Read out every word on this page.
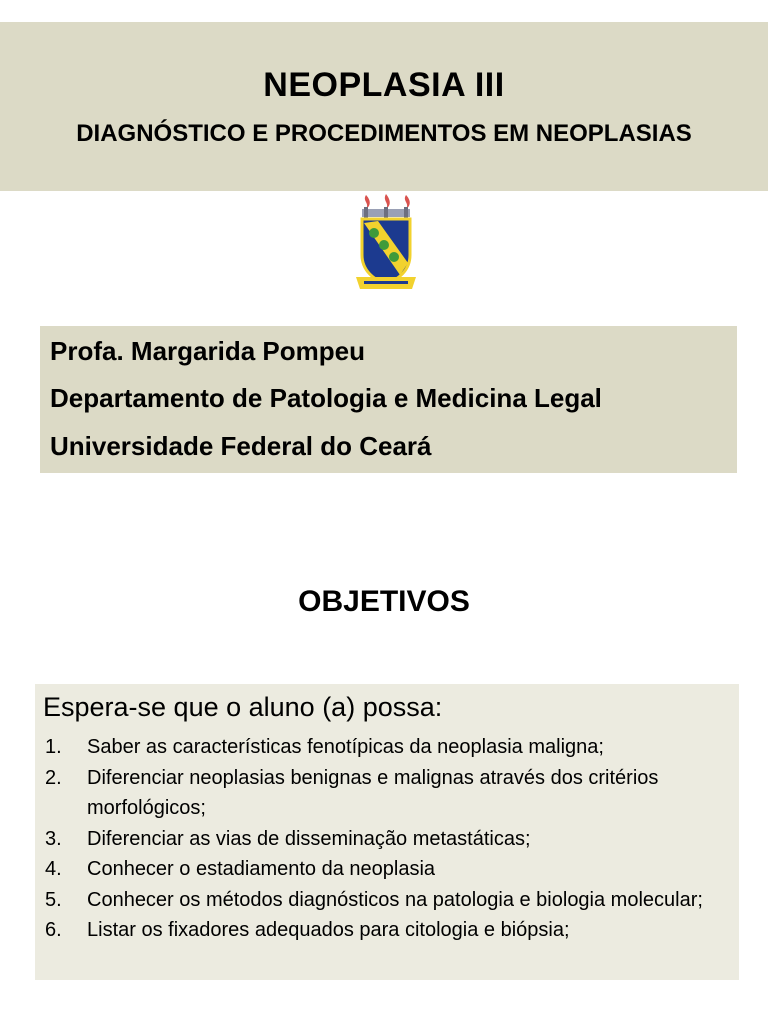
NEOPLASIA III
DIAGNÓSTICO E PROCEDIMENTOS EM NEOPLASIAS
Profa. Margarida Pompeu
Departamento de Patologia e Medicina Legal
Universidade Federal do Ceará
OBJETIVOS
Espera-se que o aluno (a) possa:
1. Saber as características fenotípicas da neoplasia maligna;
2. Diferenciar neoplasias benignas e malignas através dos critérios morfológicos;
3. Diferenciar as vias de disseminação metastáticas;
4. Conhecer o estadiamento da neoplasia
5. Conhecer os métodos diagnósticos na patologia e biologia molecular;
6. Listar os fixadores adequados para citologia e biópsia;
